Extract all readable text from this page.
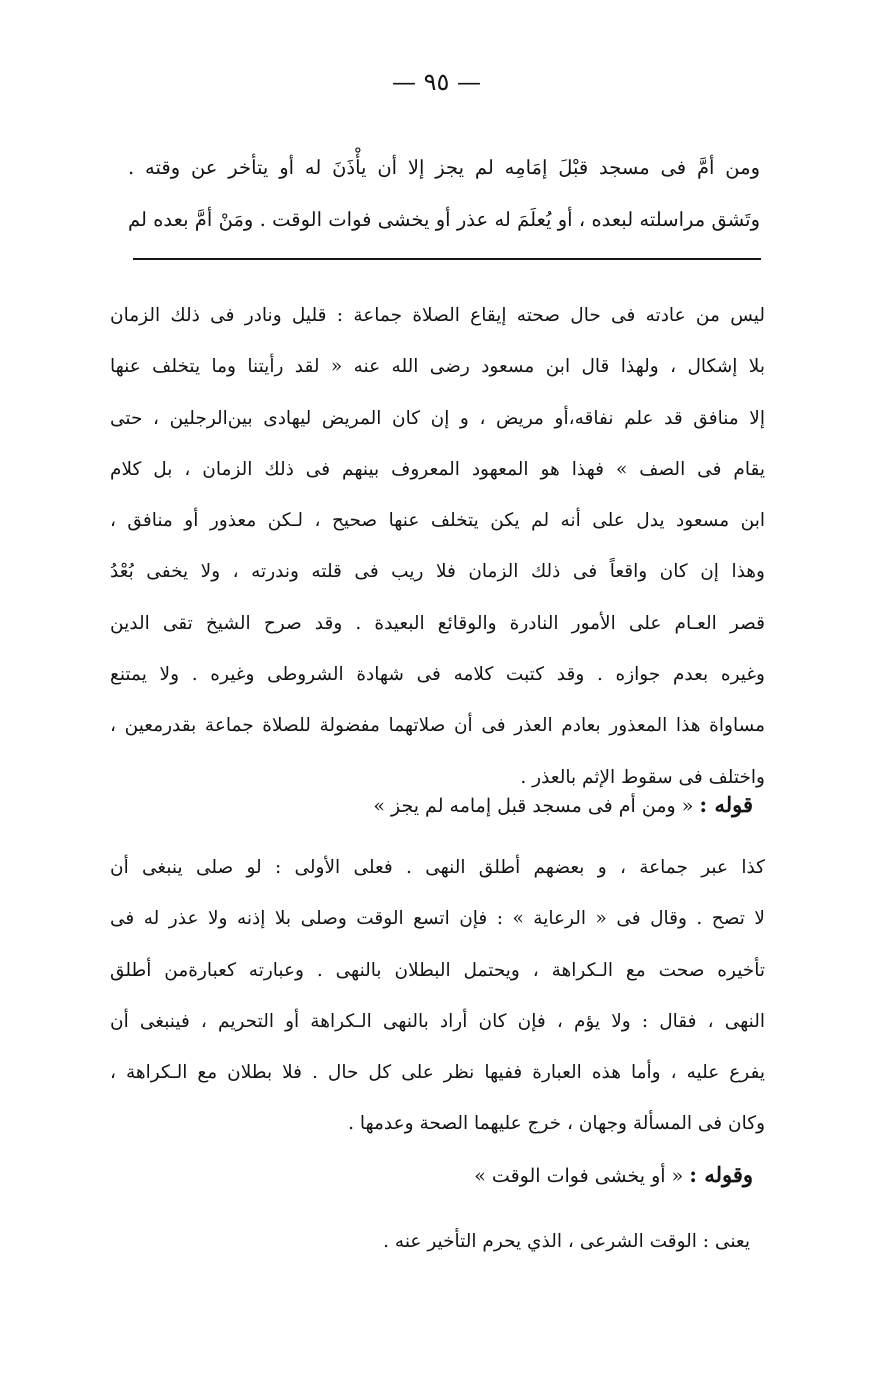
— ٩٥ —
ومن أمَّ فى مسجد قبْلَ إمَامِه لم يجز إلا أن يأْذَنَ له أو يتأخر عن وقته .
وتَشق مراسلته لبعده ، أو يُعلَمَ له عذر أو يخشى فوات الوقت . ومَنْ أمَّ بعده لم
ليس من عادته فى حال صحته إيقاع الصلاة جماعة : قليل ونادر فى ذلك الزمان
بلا إشكال ، ولهذا قال ابن مسعود رضى الله عنه « لقد رأيتنا وما يتخلف عنها
إلا منافق قد علم نفاقه،أو مريض ، و إن كان المريض ليهادى بين‌الرجلين ، حتى
يقام فى الصف » فهذا هو المعهود المعروف بينهم فى ذلك الزمان ، بل كلام
ابن مسعود يدل على أنه لم يكن يتخلف عنها صحيح ، لـكن معذور أو منافق ،
وهذا إن كان واقعاً فى ذلك الزمان فلا ريب فى قلته وندرته ، ولا يخفى بُعْدُ
قصر العـام على الأمور النادرة والوقائع البعيدة . وقد صرح الشيخ تقى الدين
وغيره بعدم جوازه . وقد كتبت كلامه فى شهادة الشروطى وغيره . ولا يمتنع
مساواة هذا المعذور بعادم العذر فى أن صلاتهما مفضولة للصلاة جماعة بقدرمعين ،
واختلف فى سقوط الإثم بالعذر .
قوله : « ومن أم فى مسجد قبل إمامه لم يجز »
كذا عبر جماعة ، و بعضهم أطلق النهى . فعلى الأولى : لو صلى ينبغى أن
لا تصح . وقال فى « الرعاية » : فإن اتسع الوقت وصلى بلا إذنه ولا عذر له فى
تأخيره صحت مع الـكراهة ، ويحتمل البطلان بالنهى . وعبارته كعبارة‌من أطلق
النهى ، فقال : ولا يؤم ، فإن كان أراد بالنهى الـكراهة أو التحريم ، فينبغى أن
يفرع عليه ، وأما هذه العبارة ففيها نظر على كل حال . فلا بطلان مع الـكراهة ،
وكان فى المسألة وجهان ، خرج عليهما الصحة وعدمها .
وقوله : « أو يخشى فوات الوقت »
يعنى : الوقت الشرعى ، الذي يحرم التأخير عنه .
